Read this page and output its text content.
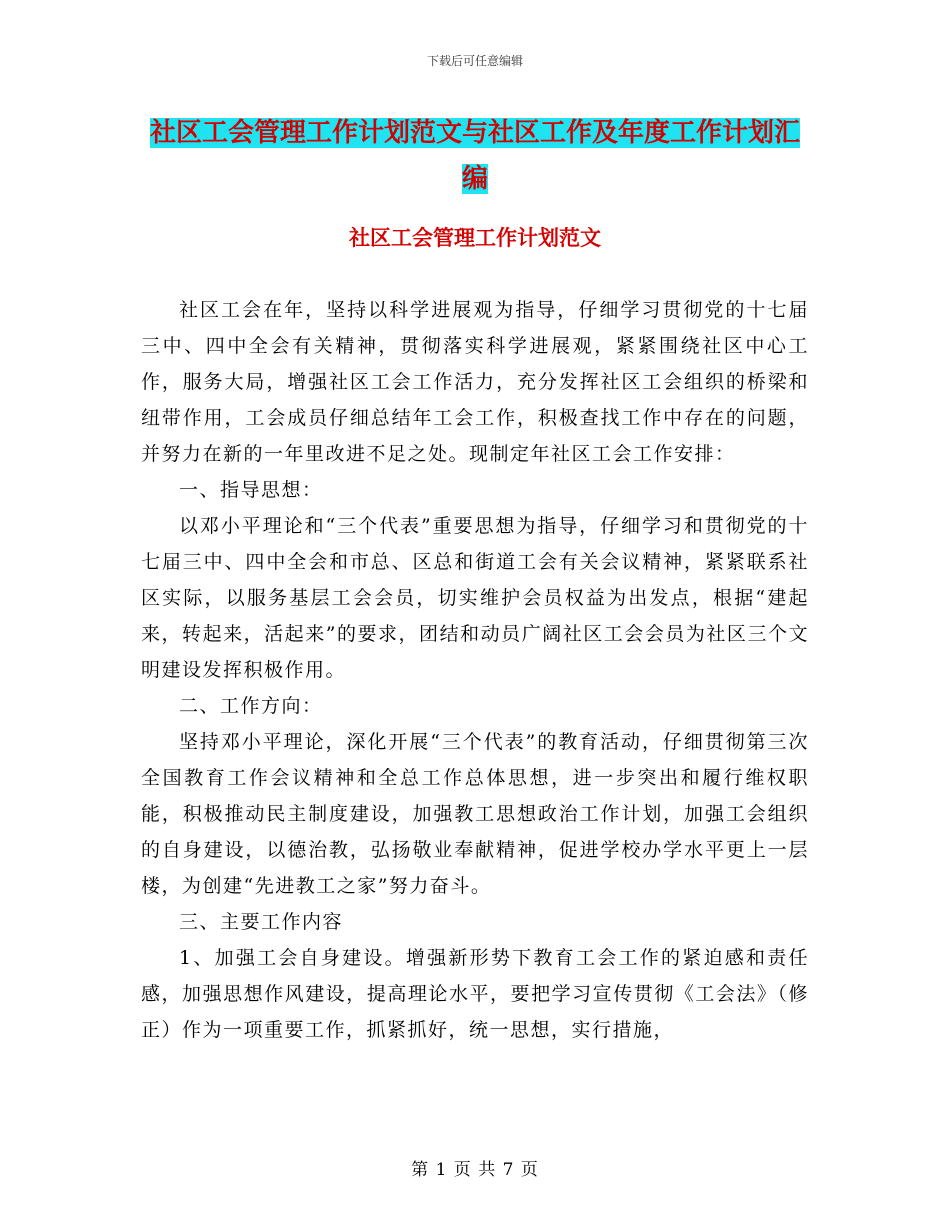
下载后可任意编辑
社区工会管理工作计划范文与社区工作及年度工作计划汇编
社区工会管理工作计划范文

社区工会在年，坚持以科学进展观为指导，仔细学习贯彻党的十七届三中、四中全会有关精神，贯彻落实科学进展观，紧紧围绕社区中心工作，服务大局，增强社区工会工作活力，充分发挥社区工会组织的桥梁和纽带作用，工会成员仔细总结年工会工作，积极查找工作中存在的问题，并努力在新的一年里改进不足之处。现制定年社区工会工作安排：

一、指导思想：

以邓小平理论和“三个代表”重要思想为指导，仔细学习和贯彻党的十七届三中、四中全会和市总、区总和街道工会有关会议精神，紧紧联系社区实际，以服务基层工会会员，切实维护会员权益为出发点，根据“建起来，转起来，活起来”的要求，团结和动员广阔社区工会会员为社区三个文明建设发挥积极作用。

二、工作方向：

坚持邓小平理论，深化开展“三个代表”的教育活动，仔细贯彻第三次全国教育工作会议精神和全总工作总体思想，进一步突出和履行维权职能，积极推动民主制度建设，加强教工思想政治工作计划，加强工会组织的自身建设，以德治教，弘扬敬业奉献精神，促进学校办学水平更上一层楼，为创建“先进教工之家”努力奋斗。

三、主要工作内容

1、加强工会自身建设。增强新形势下教育工会工作的紧迫感和责任感，加强思想作风建设，提高理论水平，要把学习宣传贯彻《工会法》（修正）作为一项重要工作，抓紧抓好，统一思想，实行措施，

第 1 页 共 7 页
